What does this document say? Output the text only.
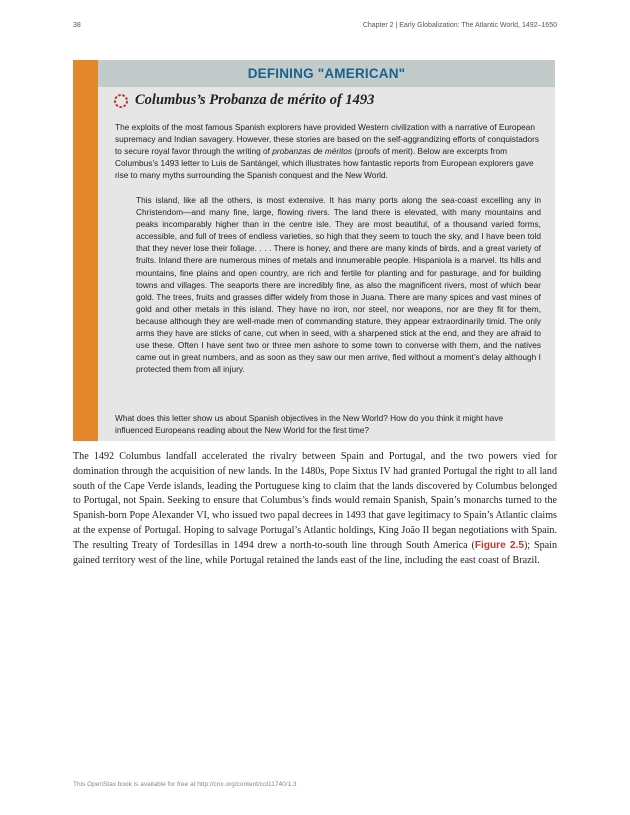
38	Chapter 2 | Early Globalization: The Atlantic World, 1492–1650
DEFINING "AMERICAN"
Columbus’s Probanza de mérito of 1493
The exploits of the most famous Spanish explorers have provided Western civilization with a narrative of European supremacy and Indian savagery. However, these stories are based on the self-aggrandizing efforts of conquistadors to secure royal favor through the writing of probanzas de méritos (proofs of merit). Below are excerpts from Columbus’s 1493 letter to Luis de Santángel, which illustrates how fantastic reports from European explorers gave rise to many myths surrounding the Spanish conquest and the New World.
This island, like all the others, is most extensive. It has many ports along the sea-coast excelling any in Christendom—and many fine, large, flowing rivers. The land there is elevated, with many mountains and peaks incomparably higher than in the centre isle. They are most beautiful, of a thousand varied forms, accessible, and full of trees of endless varieties, so high that they seem to touch the sky, and I have been told that they never lose their foliage. . . . There is honey, and there are many kinds of birds, and a great variety of fruits. Inland there are numerous mines of metals and innumerable people. Hispaniola is a marvel. Its hills and mountains, fine plains and open country, are rich and fertile for planting and for pasturage, and for building towns and villages. The seaports there are incredibly fine, as also the magnificent rivers, most of which bear gold. The trees, fruits and grasses differ widely from those in Juana. There are many spices and vast mines of gold and other metals in this island. They have no iron, nor steel, nor weapons, nor are they fit for them, because although they are well-made men of commanding stature, they appear extraordinarily timid. The only arms they have are sticks of cane, cut when in seed, with a sharpened stick at the end, and they are afraid to use these. Often I have sent two or three men ashore to some town to converse with them, and the natives came out in great numbers, and as soon as they saw our men arrive, fled without a moment’s delay although I protected them from all injury.
What does this letter show us about Spanish objectives in the New World? How do you think it might have influenced Europeans reading about the New World for the first time?
The 1492 Columbus landfall accelerated the rivalry between Spain and Portugal, and the two powers vied for domination through the acquisition of new lands. In the 1480s, Pope Sixtus IV had granted Portugal the right to all land south of the Cape Verde islands, leading the Portuguese king to claim that the lands discovered by Columbus belonged to Portugal, not Spain. Seeking to ensure that Columbus’s finds would remain Spanish, Spain’s monarchs turned to the Spanish-born Pope Alexander VI, who issued two papal decrees in 1493 that gave legitimacy to Spain’s Atlantic claims at the expense of Portugal. Hoping to salvage Portugal’s Atlantic holdings, King João II began negotiations with Spain. The resulting Treaty of Tordesillas in 1494 drew a north-to-south line through South America (Figure 2.5); Spain gained territory west of the line, while Portugal retained the lands east of the line, including the east coast of Brazil.
This OpenStax book is available for free at http://cnx.org/content/col11740/1.3
